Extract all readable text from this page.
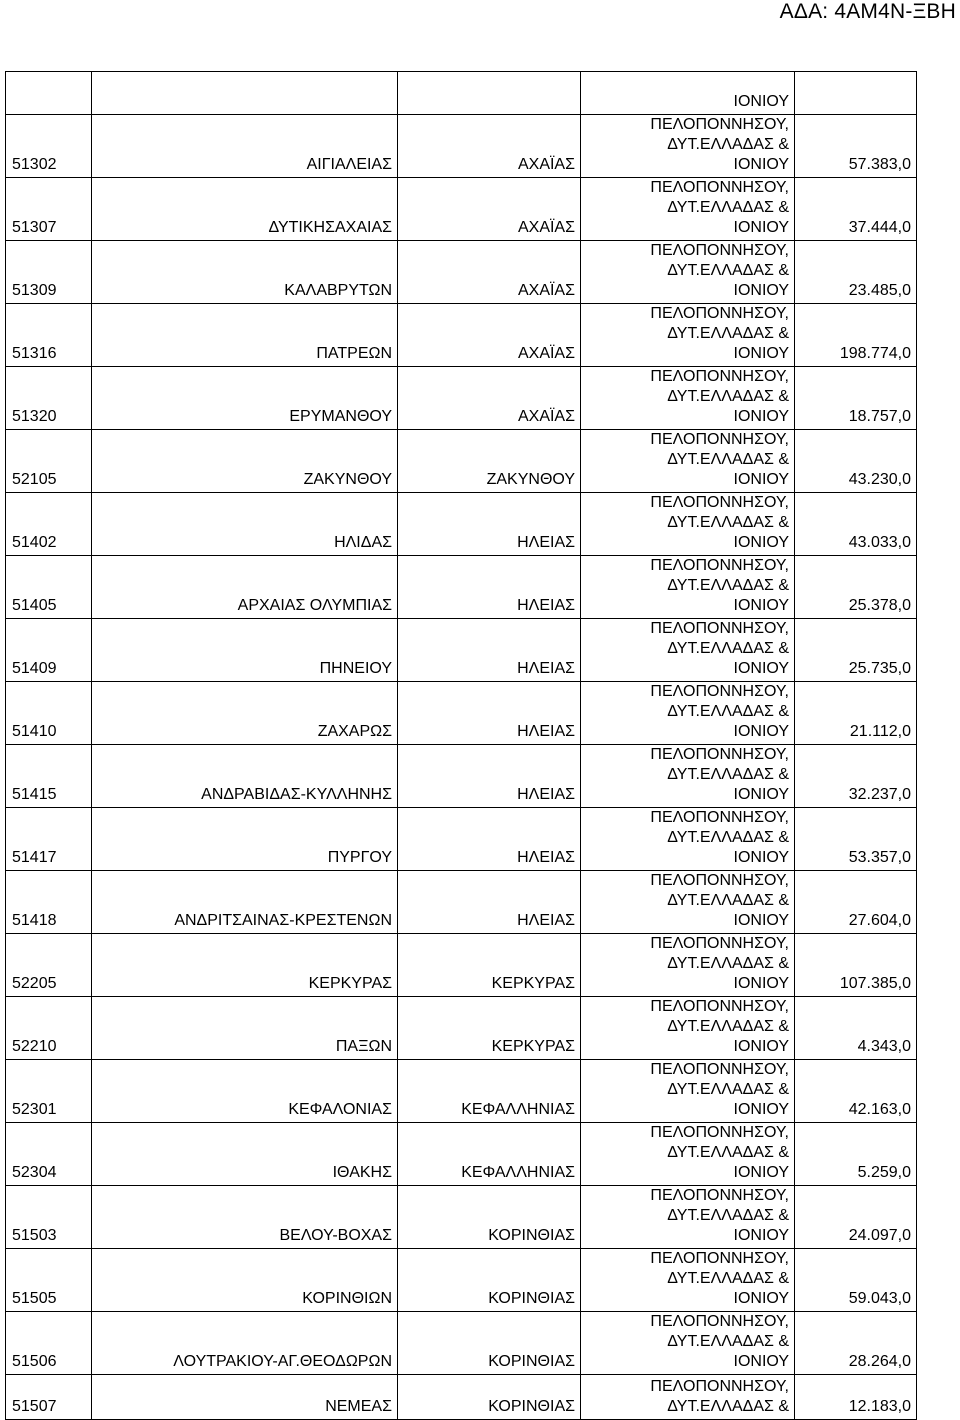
ΑΔΑ: 4ΑΜ4Ν-ΞΒΗ

			ΙΟΝΙΟΥ	

51302	ΑΙΓΙΑΛΕΙΑΣ	ΑΧΑΪΑΣ	ΠΕΛΟΠΟΝΝΗΣΟΥ,
ΔΥΤ.ΕΛΛΑΔΑΣ &
ΙΟΝΙΟΥ	57.383,0
51307	ΔΥΤΙΚΗΣΑΧΑΙΑΣ	ΑΧΑΪΑΣ	ΠΕΛΟΠΟΝΝΗΣΟΥ,
ΔΥΤ.ΕΛΛΑΔΑΣ &
ΙΟΝΙΟΥ	37.444,0
51309	ΚΑΛΑΒΡΥΤΩΝ	ΑΧΑΪΑΣ	ΠΕΛΟΠΟΝΝΗΣΟΥ,
ΔΥΤ.ΕΛΛΑΔΑΣ &
ΙΟΝΙΟΥ	23.485,0
51316	ΠΑΤΡΕΩΝ	ΑΧΑΪΑΣ	ΠΕΛΟΠΟΝΝΗΣΟΥ,
ΔΥΤ.ΕΛΛΑΔΑΣ &
ΙΟΝΙΟΥ	198.774,0
51320	ΕΡΥΜΑΝΘΟΥ	ΑΧΑΪΑΣ	ΠΕΛΟΠΟΝΝΗΣΟΥ,
ΔΥΤ.ΕΛΛΑΔΑΣ &
ΙΟΝΙΟΥ	18.757,0
52105	ΖΑΚΥΝΘΟΥ	ΖΑΚΥΝΘΟΥ	ΠΕΛΟΠΟΝΝΗΣΟΥ,
ΔΥΤ.ΕΛΛΑΔΑΣ &
ΙΟΝΙΟΥ	43.230,0
51402	ΗΛΙΔΑΣ	ΗΛΕΙΑΣ	ΠΕΛΟΠΟΝΝΗΣΟΥ,
ΔΥΤ.ΕΛΛΑΔΑΣ &
ΙΟΝΙΟΥ	43.033,0
51405	ΑΡΧΑΙΑΣ ΟΛΥΜΠΙΑΣ	ΗΛΕΙΑΣ	ΠΕΛΟΠΟΝΝΗΣΟΥ,
ΔΥΤ.ΕΛΛΑΔΑΣ &
ΙΟΝΙΟΥ	25.378,0
51409	ΠΗΝΕΙΟΥ	ΗΛΕΙΑΣ	ΠΕΛΟΠΟΝΝΗΣΟΥ,
ΔΥΤ.ΕΛΛΑΔΑΣ &
ΙΟΝΙΟΥ	25.735,0
51410	ΖΑΧΑΡΩΣ	ΗΛΕΙΑΣ	ΠΕΛΟΠΟΝΝΗΣΟΥ,
ΔΥΤ.ΕΛΛΑΔΑΣ &
ΙΟΝΙΟΥ	21.112,0
51415	ΑΝΔΡΑΒΙΔΑΣ-ΚΥΛΛΗΝΗΣ	ΗΛΕΙΑΣ	ΠΕΛΟΠΟΝΝΗΣΟΥ,
ΔΥΤ.ΕΛΛΑΔΑΣ &
ΙΟΝΙΟΥ	32.237,0
51417	ΠΥΡΓΟΥ	ΗΛΕΙΑΣ	ΠΕΛΟΠΟΝΝΗΣΟΥ,
ΔΥΤ.ΕΛΛΑΔΑΣ &
ΙΟΝΙΟΥ	53.357,0
51418	ΑΝΔΡΙΤΣΑΙΝΑΣ-ΚΡΕΣΤΕΝΩΝ	ΗΛΕΙΑΣ	ΠΕΛΟΠΟΝΝΗΣΟΥ,
ΔΥΤ.ΕΛΛΑΔΑΣ &
ΙΟΝΙΟΥ	27.604,0
52205	ΚΕΡΚΥΡΑΣ	ΚΕΡΚΥΡΑΣ	ΠΕΛΟΠΟΝΝΗΣΟΥ,
ΔΥΤ.ΕΛΛΑΔΑΣ &
ΙΟΝΙΟΥ	107.385,0
52210	ΠΑΞΩΝ	ΚΕΡΚΥΡΑΣ	ΠΕΛΟΠΟΝΝΗΣΟΥ,
ΔΥΤ.ΕΛΛΑΔΑΣ &
ΙΟΝΙΟΥ	4.343,0
52301	ΚΕΦΑΛΟΝΙΑΣ	ΚΕΦΑΛΛΗΝΙΑΣ	ΠΕΛΟΠΟΝΝΗΣΟΥ,
ΔΥΤ.ΕΛΛΑΔΑΣ &
ΙΟΝΙΟΥ	42.163,0
52304	ΙΘΑΚΗΣ	ΚΕΦΑΛΛΗΝΙΑΣ	ΠΕΛΟΠΟΝΝΗΣΟΥ,
ΔΥΤ.ΕΛΛΑΔΑΣ &
ΙΟΝΙΟΥ	5.259,0
51503	ΒΕΛΟΥ-ΒΟΧΑΣ	ΚΟΡΙΝΘΙΑΣ	ΠΕΛΟΠΟΝΝΗΣΟΥ,
ΔΥΤ.ΕΛΛΑΔΑΣ &
ΙΟΝΙΟΥ	24.097,0
51505	ΚΟΡΙΝΘΙΩΝ	ΚΟΡΙΝΘΙΑΣ	ΠΕΛΟΠΟΝΝΗΣΟΥ,
ΔΥΤ.ΕΛΛΑΔΑΣ &
ΙΟΝΙΟΥ	59.043,0
51506	ΛΟΥΤΡΑΚΙΟΥ-ΑΓ.ΘΕΟΔΩΡΩΝ	ΚΟΡΙΝΘΙΑΣ	ΠΕΛΟΠΟΝΝΗΣΟΥ,
ΔΥΤ.ΕΛΛΑΔΑΣ &
ΙΟΝΙΟΥ	28.264,0
51507	ΝΕΜΕΑΣ	ΚΟΡΙΝΘΙΑΣ	ΠΕΛΟΠΟΝΝΗΣΟΥ,
ΔΥΤ.ΕΛΛΑΔΑΣ &	12.183,0
